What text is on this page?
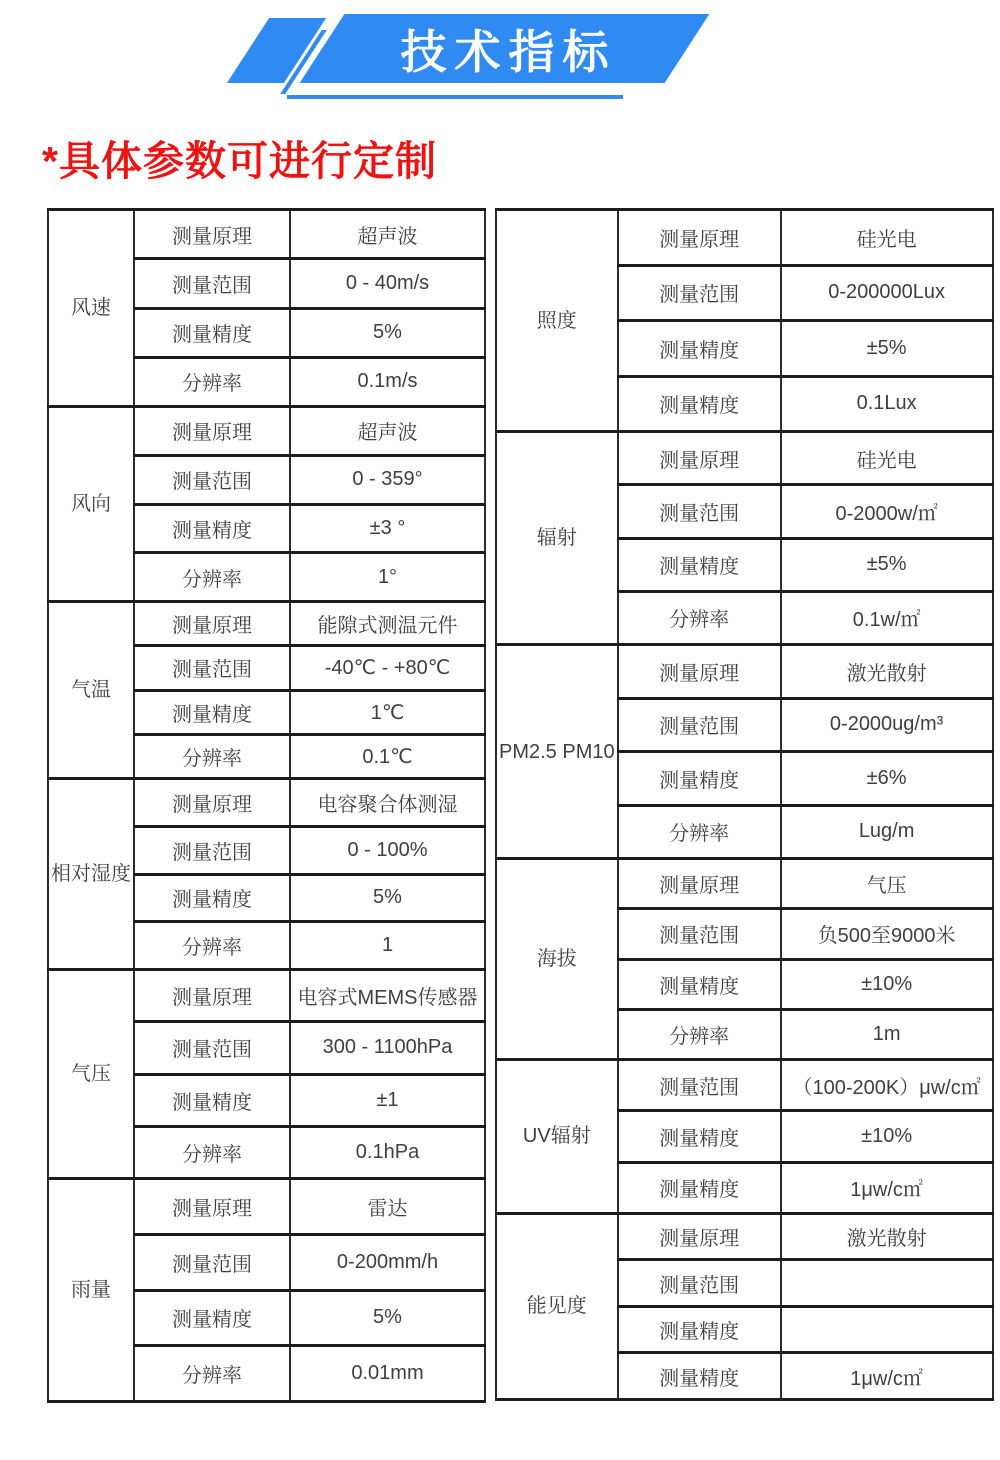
技术指标
*具体参数可进行定制
风速	测量原理	超声波
	测量范围	0 - 40m/s
	测量精度	5%
	分辨率	0.1m/s
风向	测量原理	超声波
	测量范围	0 - 359°
	测量精度	±3 °
	分辨率	1°
气温	测量原理	能隙式测温元件
	测量范围	-40℃ - +80℃
	测量精度	1℃
	分辨率	0.1℃
相对湿度	测量原理	电容聚合体测湿
	测量范围	0 - 100%
	测量精度	5%
	分辨率	1
气压	测量原理	电容式MEMS传感器
	测量范围	300 - 1100hPa
	测量精度	±1
	分辨率	0.1hPa
雨量	测量原理	雷达
	测量范围	0-200mm/h
	测量精度	5%
	分辨率	0.01mm
照度	测量原理	硅光电
	测量范围	0-200000Lux
	测量精度	±5%
	测量精度	0.1Lux
辐射	测量原理	硅光电
	测量范围	0-2000w/㎡
	测量精度	±5%
	分辨率	0.1w/㎡
PM2.5 PM10	测量原理	激光散射
	测量范围	0-2000ug/m³
	测量精度	±6%
	分辨率	Lug/m
海拔	测量原理	气压
	测量范围	负500至9000米
	测量精度	±10%
	分辨率	1m
UV辐射	测量范围	（100-200K）μw/c㎡
	测量精度	±10%
	测量精度	1μw/c㎡
能见度	测量原理	激光散射
	测量范围	
	测量精度	
	测量精度	1μw/c㎡
